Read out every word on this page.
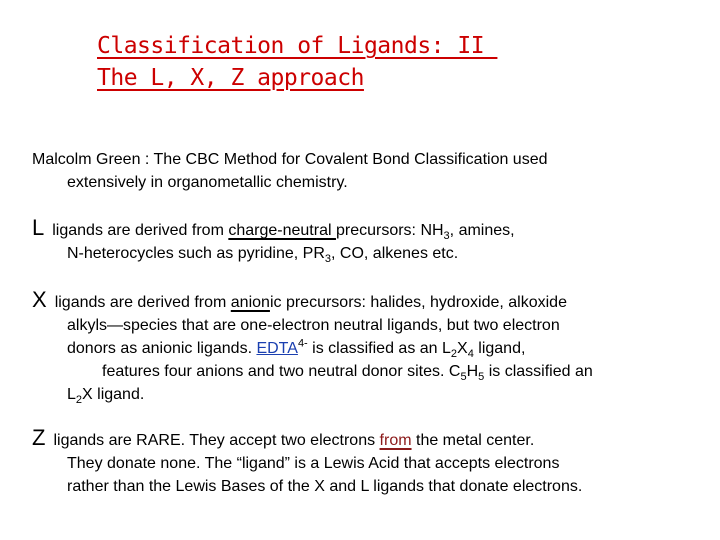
Classification of Ligands: II
The L, X, Z approach

Malcolm Green : The CBC Method for Covalent Bond Classification used

extensively in organometallic chemistry.

L ligands are derived from charge-neutral precursors: $NH_3$, amines,
N-heterocycles such as pyridine, $PR_3$, CO, alkenes etc.

X ligands are derived from anionic precursors: halides, hydroxide, alkoxide
alkyls—species that are one-electron neutral ligands, but two electron
donors as anionic ligands. $EDTA^{4-}$ is classified as an $L_2X_4$ ligand,
features four anions and two neutral donor sites. $C_5H_5$ is classified an
$L_2X$ ligand.

Z ligands are RARE. They accept two electrons from the metal center.
They donate none. The “ligand” is a Lewis Acid that accepts electrons
rather than the Lewis Bases of the X and L ligands that donate electrons.
